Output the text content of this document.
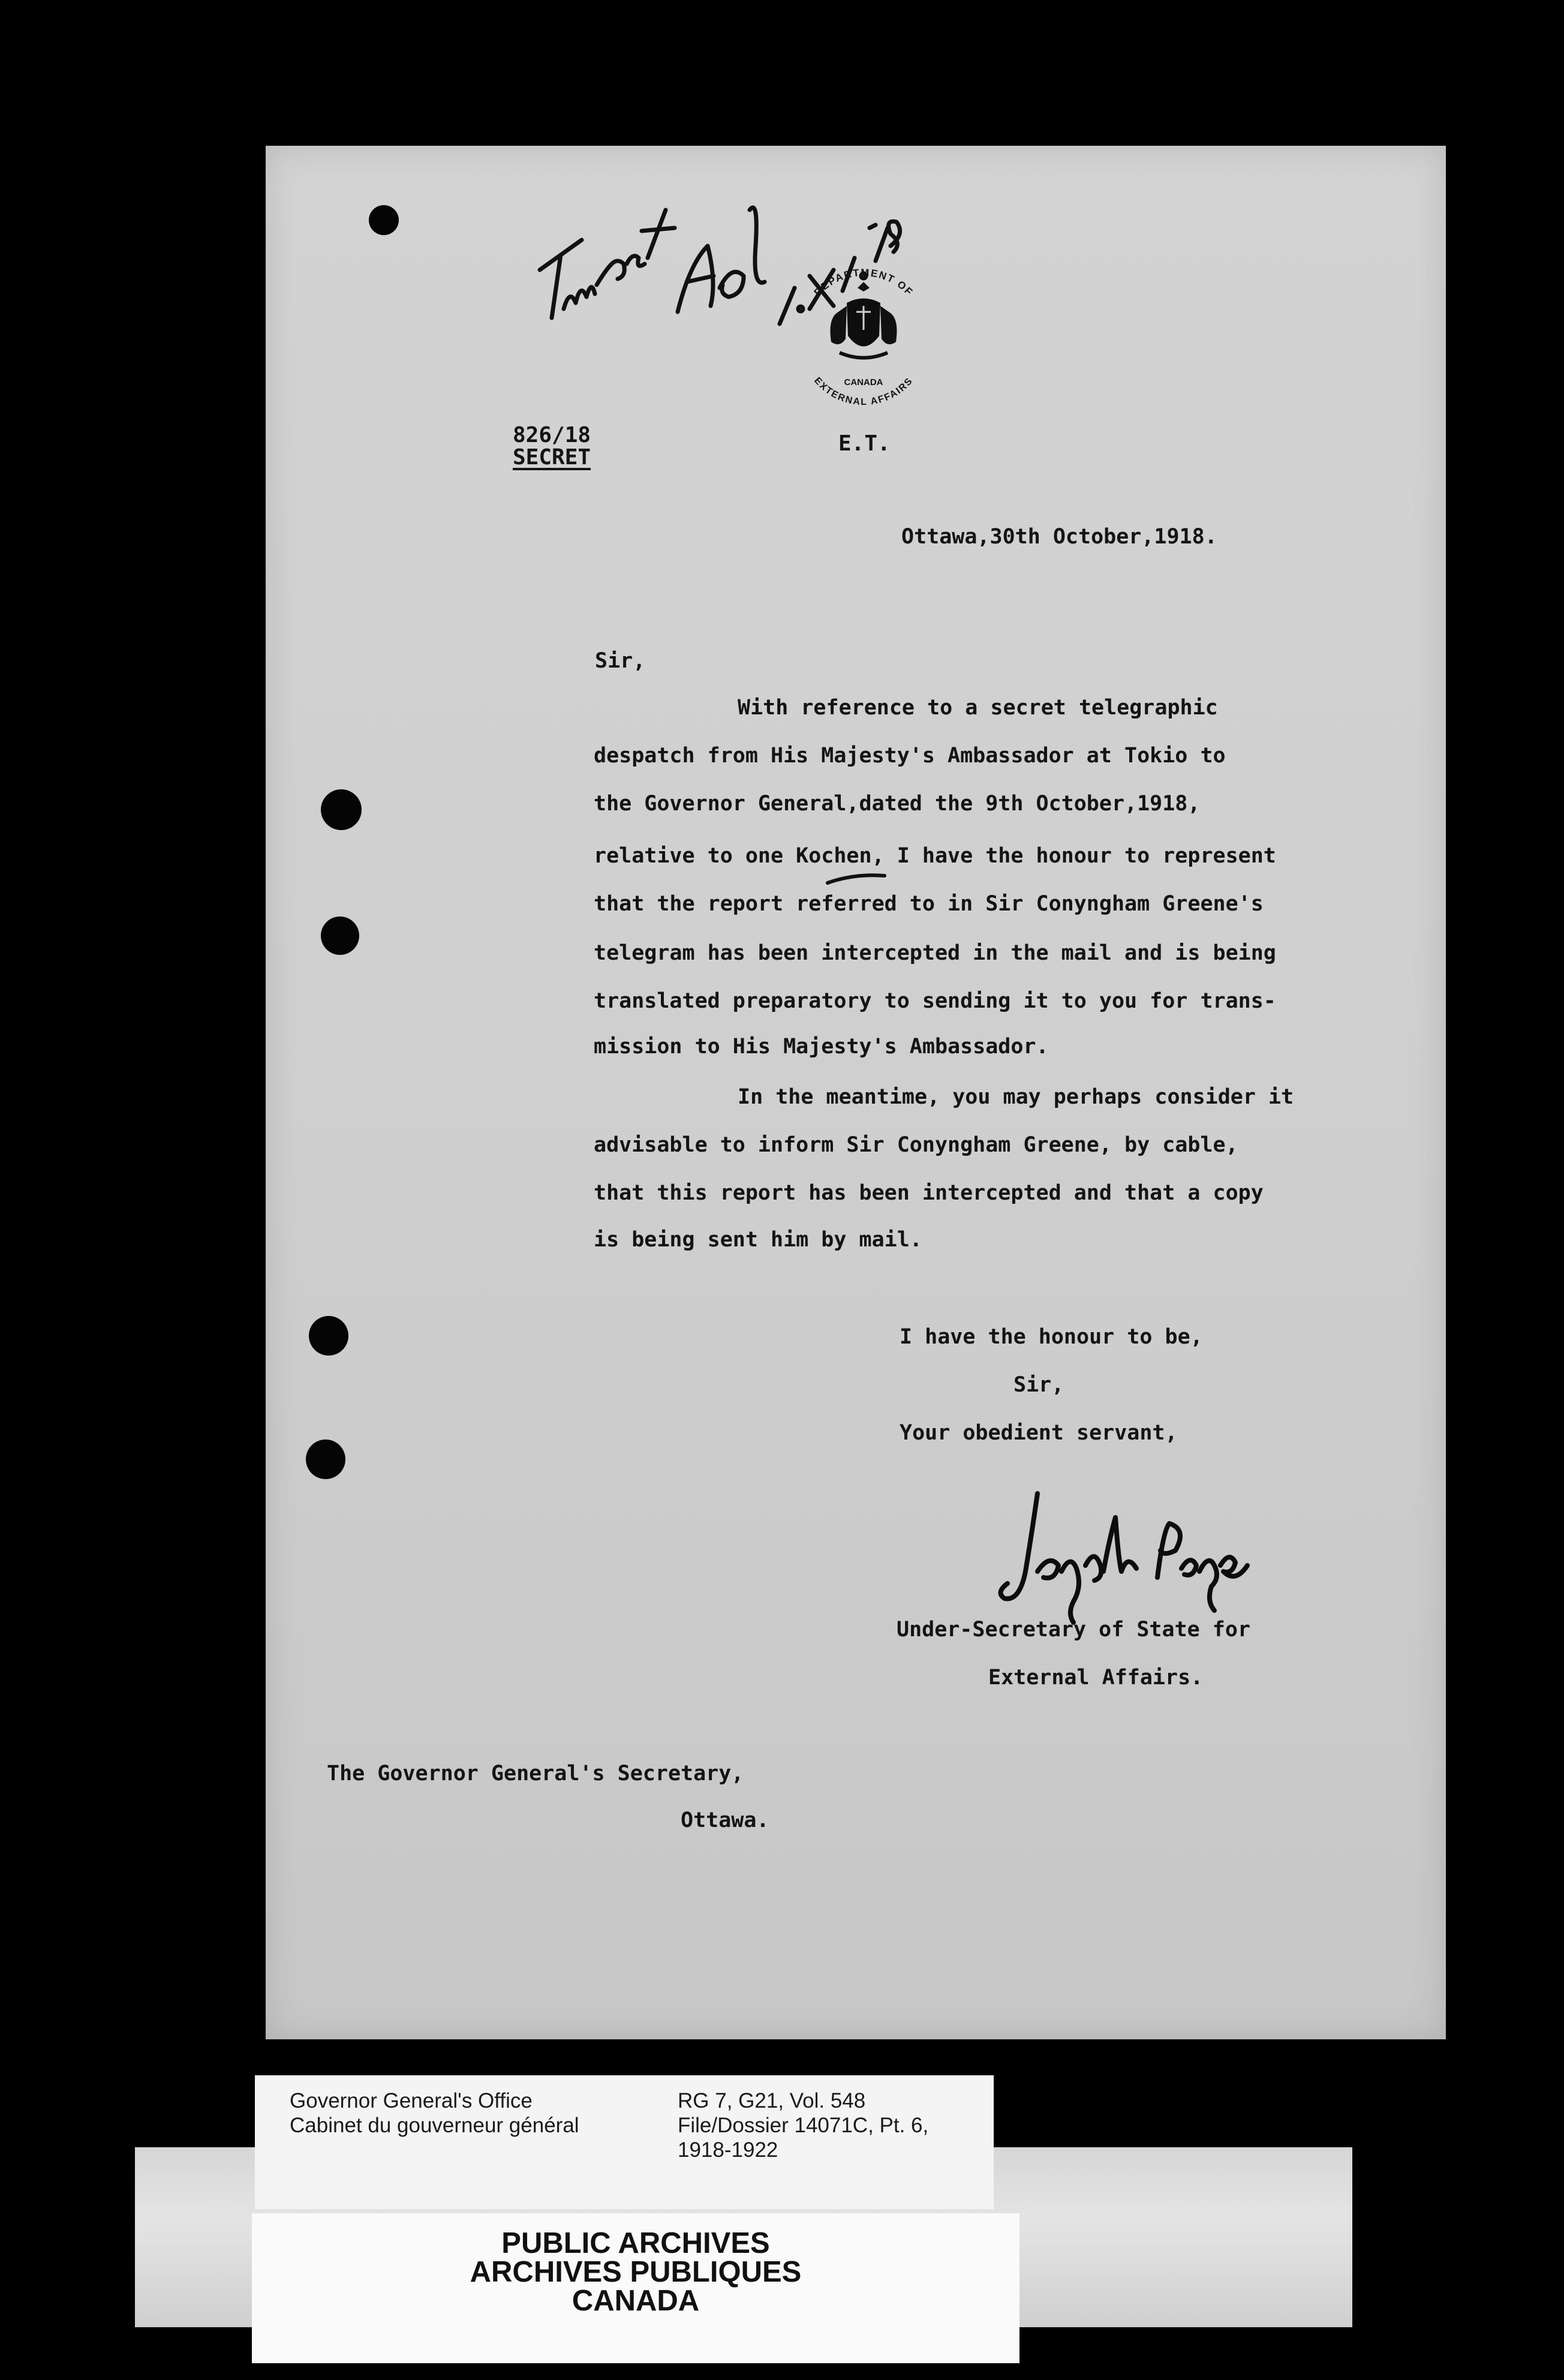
DEPARTMENT OF
EXTERNAL AFFAIRS
CANADA
826/18
SECRET
E.T.
Ottawa,30th October,1918.
Sir,
With reference to a secret telegraphic
despatch from His Majesty's Ambassador at Tokio to
the Governor General,dated the 9th October,1918,
relative to one Kochen, I have the honour to represent
that the report referred to in Sir Conyngham Greene's
telegram has been intercepted in the mail and is being
translated preparatory to sending it to you for trans-
mission to His Majesty's Ambassador.
In the meantime, you may perhaps consider it
advisable to inform Sir Conyngham Greene, by cable,
that this report has been intercepted and that a copy
is being sent him by mail.
I have the honour to be,
Sir,
Your obedient servant,
Under-Secretary of State for
External Affairs.
The Governor General's Secretary,
Ottawa.
Governor General's Office
Cabinet du gouverneur général
RG 7, G21, Vol. 548
File/Dossier 14071C, Pt. 6,
1918-1922
PUBLIC ARCHIVES
ARCHIVES PUBLIQUES
CANADA
